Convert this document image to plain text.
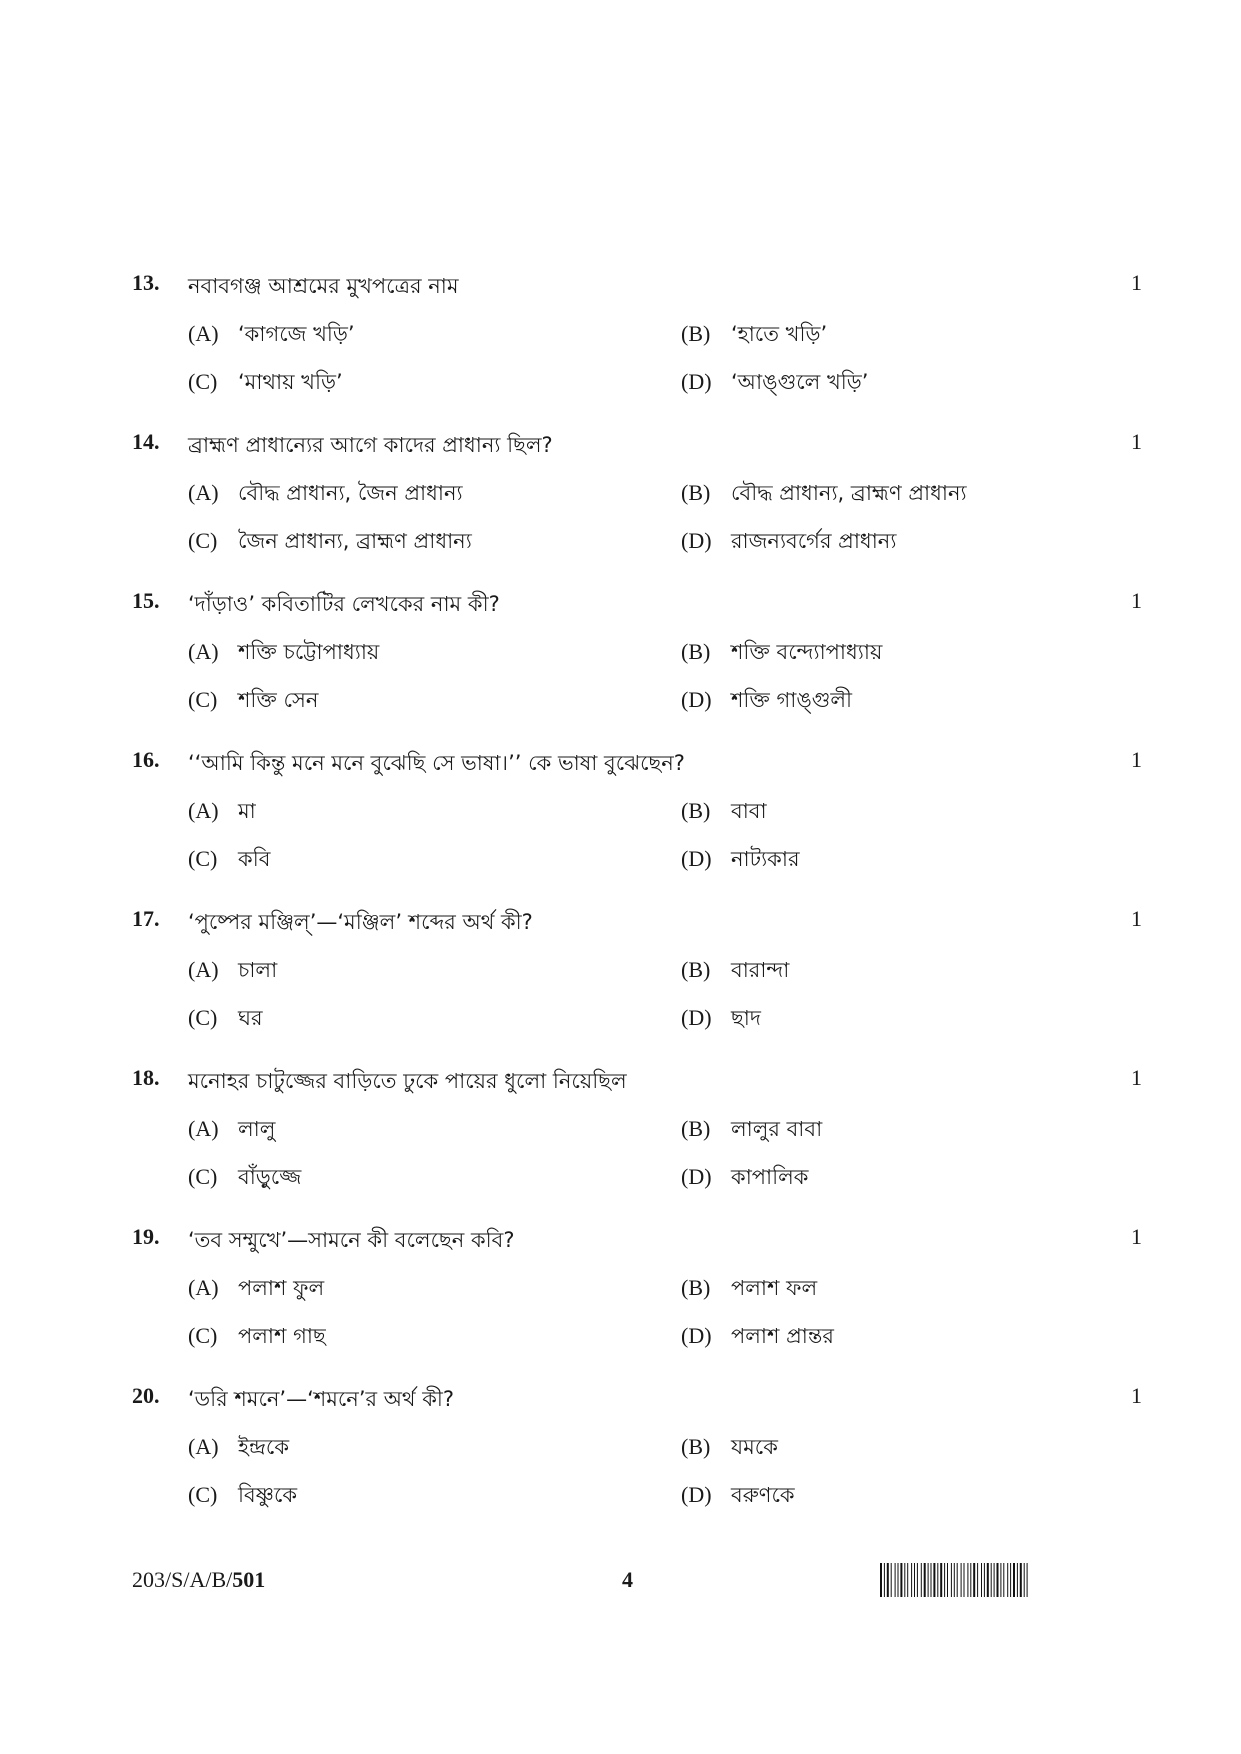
13. নবাবগঞ্জ আশ্রমের মুখপত্রের নাম	1
(A) ‘কাগজে খড়ি’	(B) ‘হাতে খড়ি’
(C) ‘মাথায় খড়ি’	(D) ‘আঙ্গুলে খড়ি’
14. ব্রাহ্মণ প্রাধান্যের আগে কাদের প্রাধান্য ছিল?	1
(A) বৌদ্ধ প্রাধান্য, জৈন প্রাধান্য	(B) বৌদ্ধ প্রাধান্য, ব্রাহ্মণ প্রাধান্য
(C) জৈন প্রাধান্য, ব্রাহ্মণ প্রাধান্য	(D) রাজন্যবর্গের প্রাধান্য
15. ‘দাঁড়াও’ কবিতাটির লেখকের নাম কী?	1
(A) শক্তি চট্টোপাধ্যায়	(B) শক্তি বন্দ্যোপাধ্যায়
(C) শক্তি সেন	(D) শক্তি গাঙ্গুলী
16. ‘‘আমি কিন্তু মনে মনে বুঝেছি সে ভাষা।’’ কে ভাষা বুঝেছেন?	1
(A) মা	(B) বাবা
(C) কবি	(D) নাট্যকার
17. ‘পুষ্পের মঞ্জিল্’—‘মঞ্জিল’ শব্দের অর্থ কী?	1
(A) চালা	(B) বারান্দা
(C) ঘর	(D) ছাদ
18. মনোহর চাটুজ্জের বাড়িতে ঢুকে পায়ের ধুলো নিয়েছিল	1
(A) লালু	(B) লালুর বাবা
(C) বাঁড়ুজ্জে	(D) কাপালিক
19. ‘তব সম্মুখে’—সামনে কী বলেছেন কবি?	1
(A) পলাশ ফুল	(B) পলাশ ফল
(C) পলাশ গাছ	(D) পলাশ প্রান্তর
20. ‘ডরি শমনে’—‘শমনে’র অর্থ কী?	1
(A) ইন্দ্রকে	(B) যমকে
(C) বিষ্ণুকে	(D) বরুণকে
203/S/A/B/501	4
